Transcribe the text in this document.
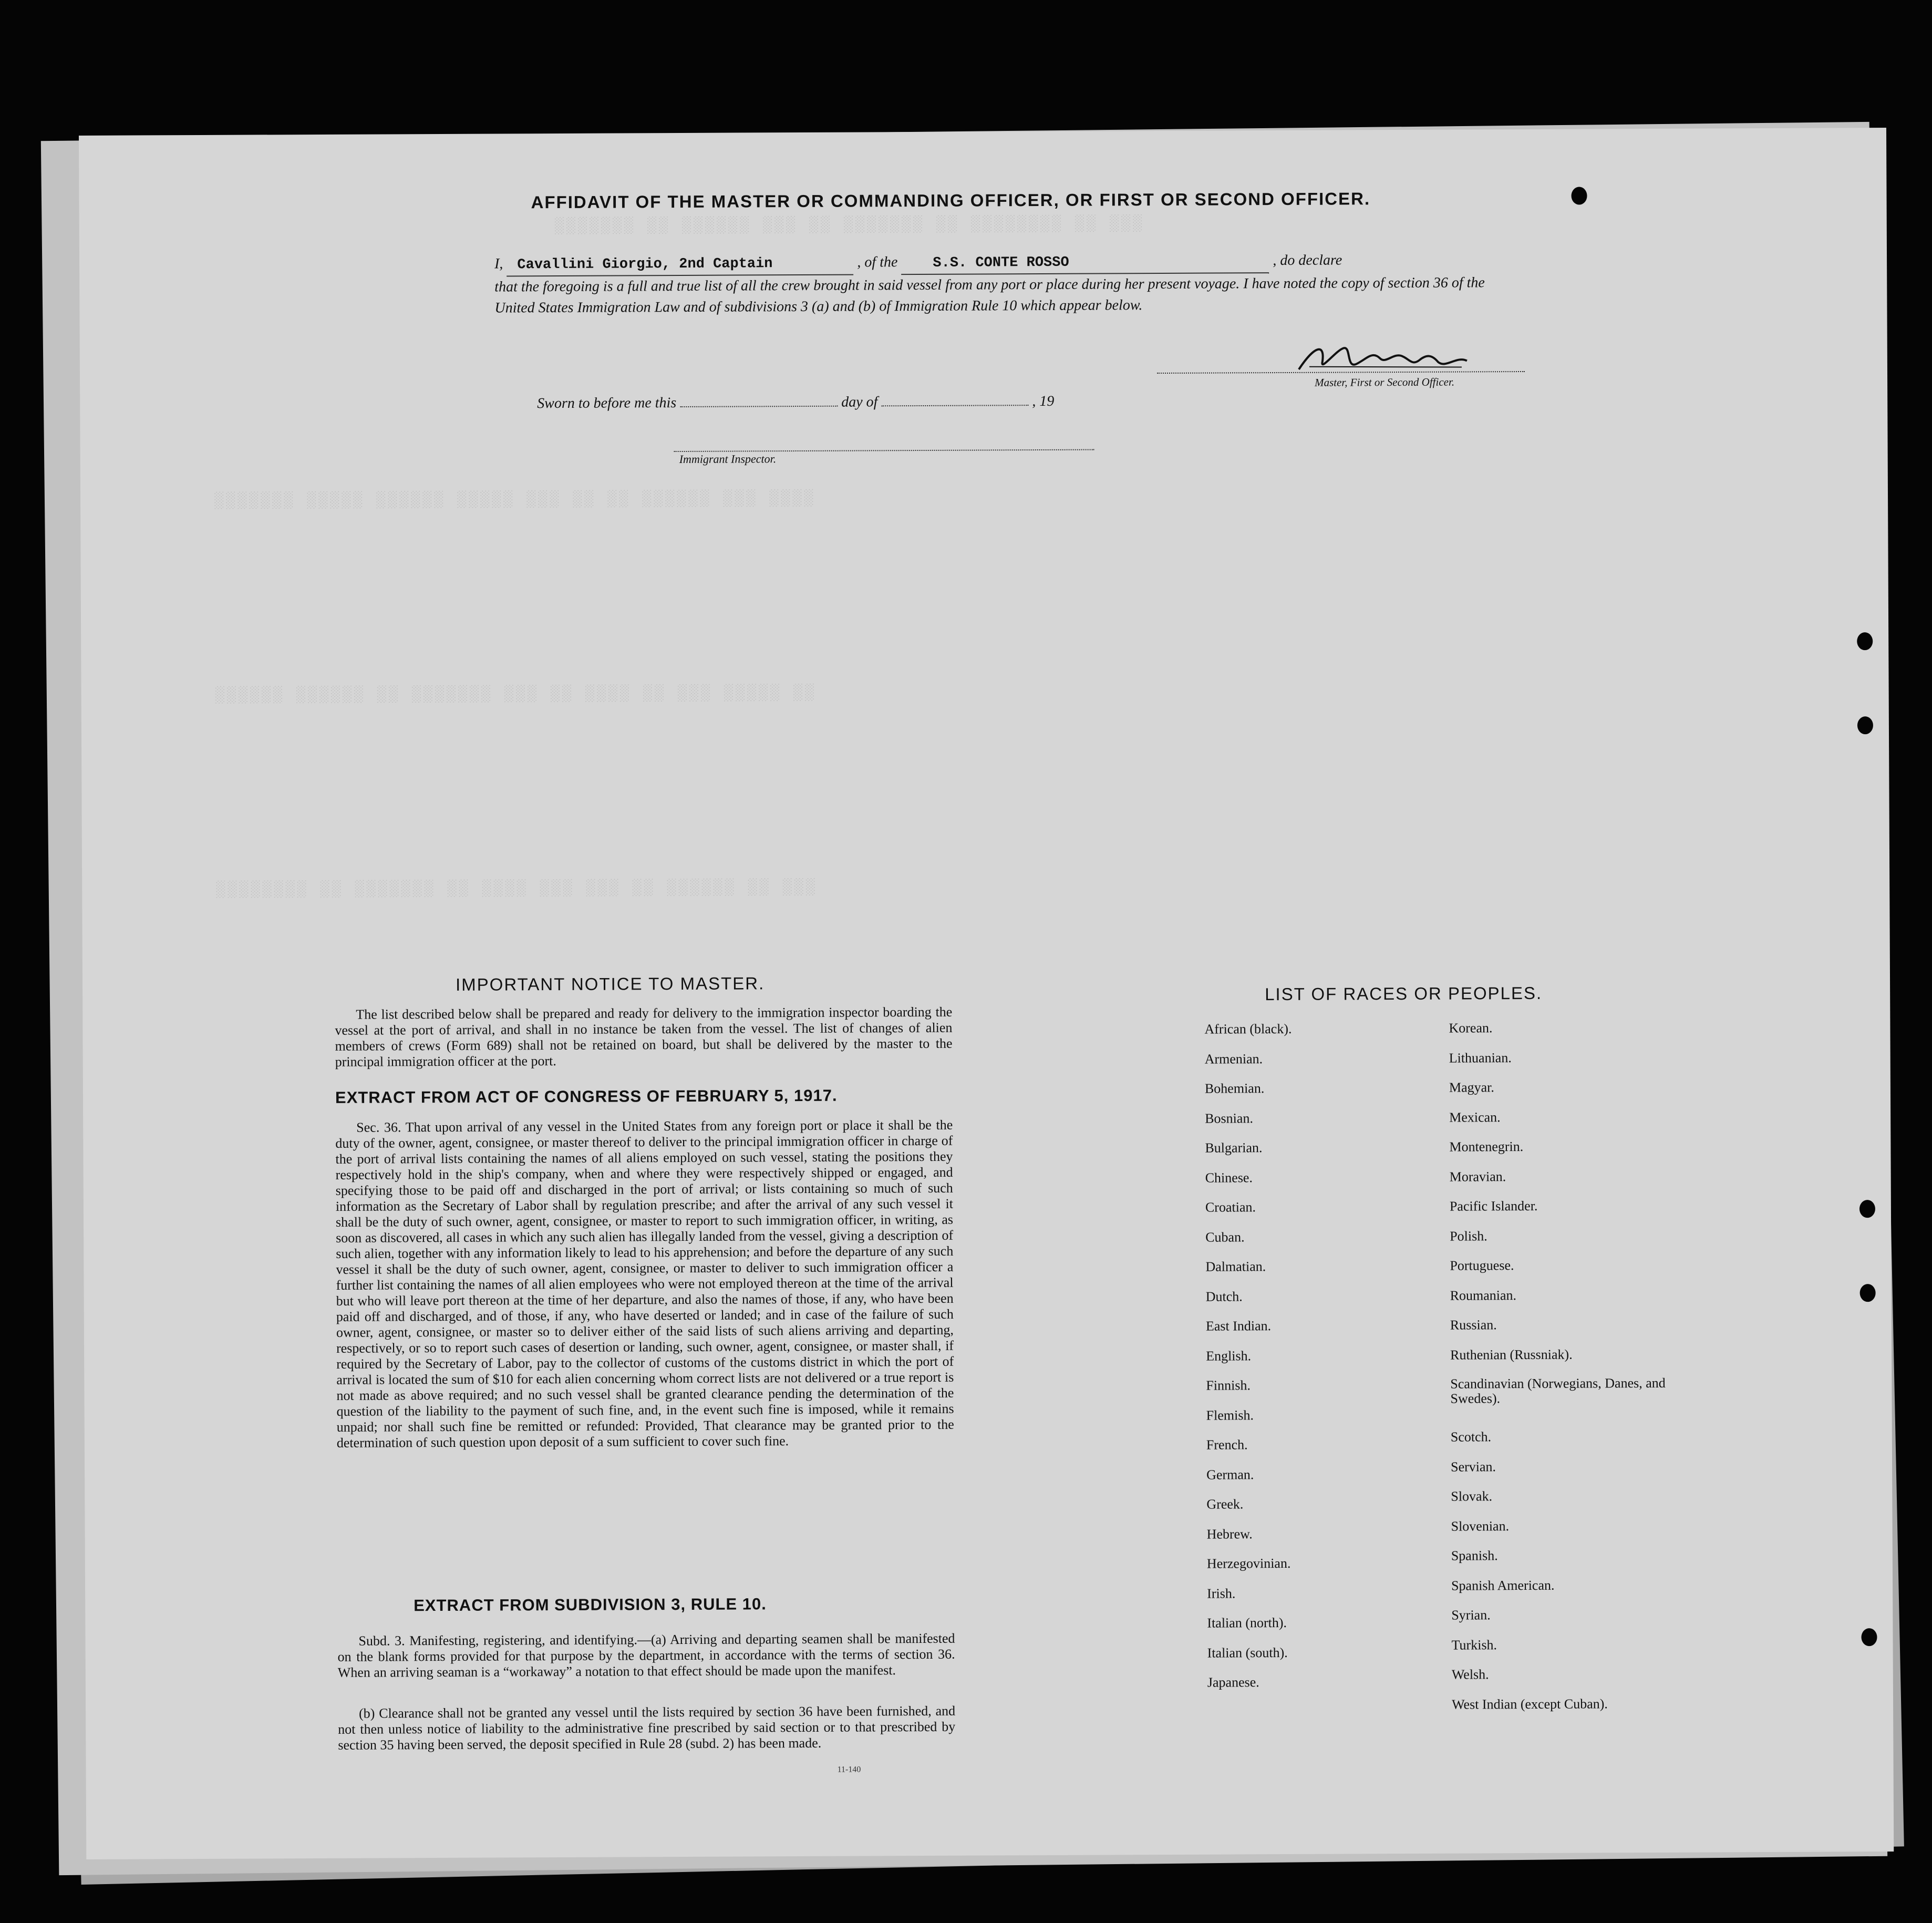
░░░ ░░ ░░░░░░░░ ░░ ░░░░░░░ ░░ ░░░ ░░░░░░ ░░ ░░░░░░░
░░░░ ░░░ ░░░░░░ ░░ ░░ ░░░ ░░░░░ ░░░░░░ ░░░░░ ░░░░░░░
░░ ░░░░░ ░░░ ░░ ░░░░ ░░ ░░░ ░░░░░░░ ░░ ░░░░░░ ░░░░░░
░░░ ░░ ░░░░░░ ░░ ░░░ ░░░ ░░░░ ░░ ░░░░░░░ ░░ ░░░░░░░░
AFFIDAVIT OF THE MASTER OR COMMANDING OFFICER, OR FIRST OR SECOND OFFICER.
I, Cavallini Giorgio, 2nd Captain	, of the S.S. CONTE ROSSO	, do declare
that the foregoing is a full and true list of all the crew brought in said vessel from any port or place during her present voyage. I have noted the copy of section 36 of the United States Immigration Law and of subdivisions 3 (a) and (b) of Immigration Rule 10 which appear below.
Master, First or Second Officer.
Sworn to before me this	day of	, 19
Immigrant Inspector.
IMPORTANT NOTICE TO MASTER.
The list described below shall be prepared and ready for delivery to the immigration inspector boarding the vessel at the port of arrival, and shall in no instance be taken from the vessel. The list of changes of alien members of crews (Form 689) shall not be retained on board, but shall be delivered by the master to the principal immigration officer at the port.
EXTRACT FROM ACT OF CONGRESS OF FEBRUARY 5, 1917.
Sec. 36. That upon arrival of any vessel in the United States from any foreign port or place it shall be the duty of the owner, agent, consignee, or master thereof to deliver to the principal immigration officer in charge of the port of arrival lists containing the names of all aliens employed on such vessel, stating the positions they respectively hold in the ship's company, when and where they were respectively shipped or engaged, and specifying those to be paid off and discharged in the port of arrival; or lists containing so much of such information as the Secretary of Labor shall by regulation prescribe; and after the arrival of any such vessel it shall be the duty of such owner, agent, consignee, or master to report to such immigration officer, in writing, as soon as discovered, all cases in which any such alien has illegally landed from the vessel, giving a description of such alien, together with any information likely to lead to his apprehension; and before the departure of any such vessel it shall be the duty of such owner, agent, consignee, or master to deliver to such immigration officer a further list containing the names of all alien employees who were not employed thereon at the time of the arrival but who will leave port thereon at the time of her departure, and also the names of those, if any, who have been paid off and discharged, and of those, if any, who have deserted or landed; and in case of the failure of such owner, agent, consignee, or master so to deliver either of the said lists of such aliens arriving and departing, respectively, or so to report such cases of desertion or landing, such owner, agent, consignee, or master shall, if required by the Secretary of Labor, pay to the collector of customs of the customs district in which the port of arrival is located the sum of $10 for each alien concerning whom correct lists are not delivered or a true report is not made as above required; and no such vessel shall be granted clearance pending the determination of the question of the liability to the payment of such fine, and, in the event such fine is imposed, while it remains unpaid; nor shall such fine be remitted or refunded: Provided, That clearance may be granted prior to the determination of such question upon deposit of a sum sufficient to cover such fine.
EXTRACT FROM SUBDIVISION 3, RULE 10.
Subd. 3. Manifesting, registering, and identifying.—(a) Arriving and departing seamen shall be manifested on the blank forms provided for that purpose by the department, in accordance with the terms of section 36. When an arriving seaman is a “workaway” a notation to that effect should be made upon the manifest.
(b) Clearance shall not be granted any vessel until the lists required by section 36 have been furnished, and not then unless notice of liability to the administrative fine prescribed by said section or to that prescribed by section 35 having been served, the deposit specified in Rule 28 (subd. 2) has been made.
11-140
LIST OF RACES OR PEOPLES.
African (black).
Armenian.
Bohemian.
Bosnian.
Bulgarian.
Chinese.
Croatian.
Cuban.
Dalmatian.
Dutch.
East Indian.
English.
Finnish.
Flemish.
French.
German.
Greek.
Hebrew.
Herzegovinian.
Irish.
Italian (north).
Italian (south).
Japanese.
Korean.
Lithuanian.
Magyar.
Mexican.
Montenegrin.
Moravian.
Pacific Islander.
Polish.
Portuguese.
Roumanian.
Russian.
Ruthenian (Russniak).
Scandinavian (Norwegians, Danes, and Swedes).
Scotch.
Servian.
Slovak.
Slovenian.
Spanish.
Spanish American.
Syrian.
Turkish.
Welsh.
West Indian (except Cuban).
